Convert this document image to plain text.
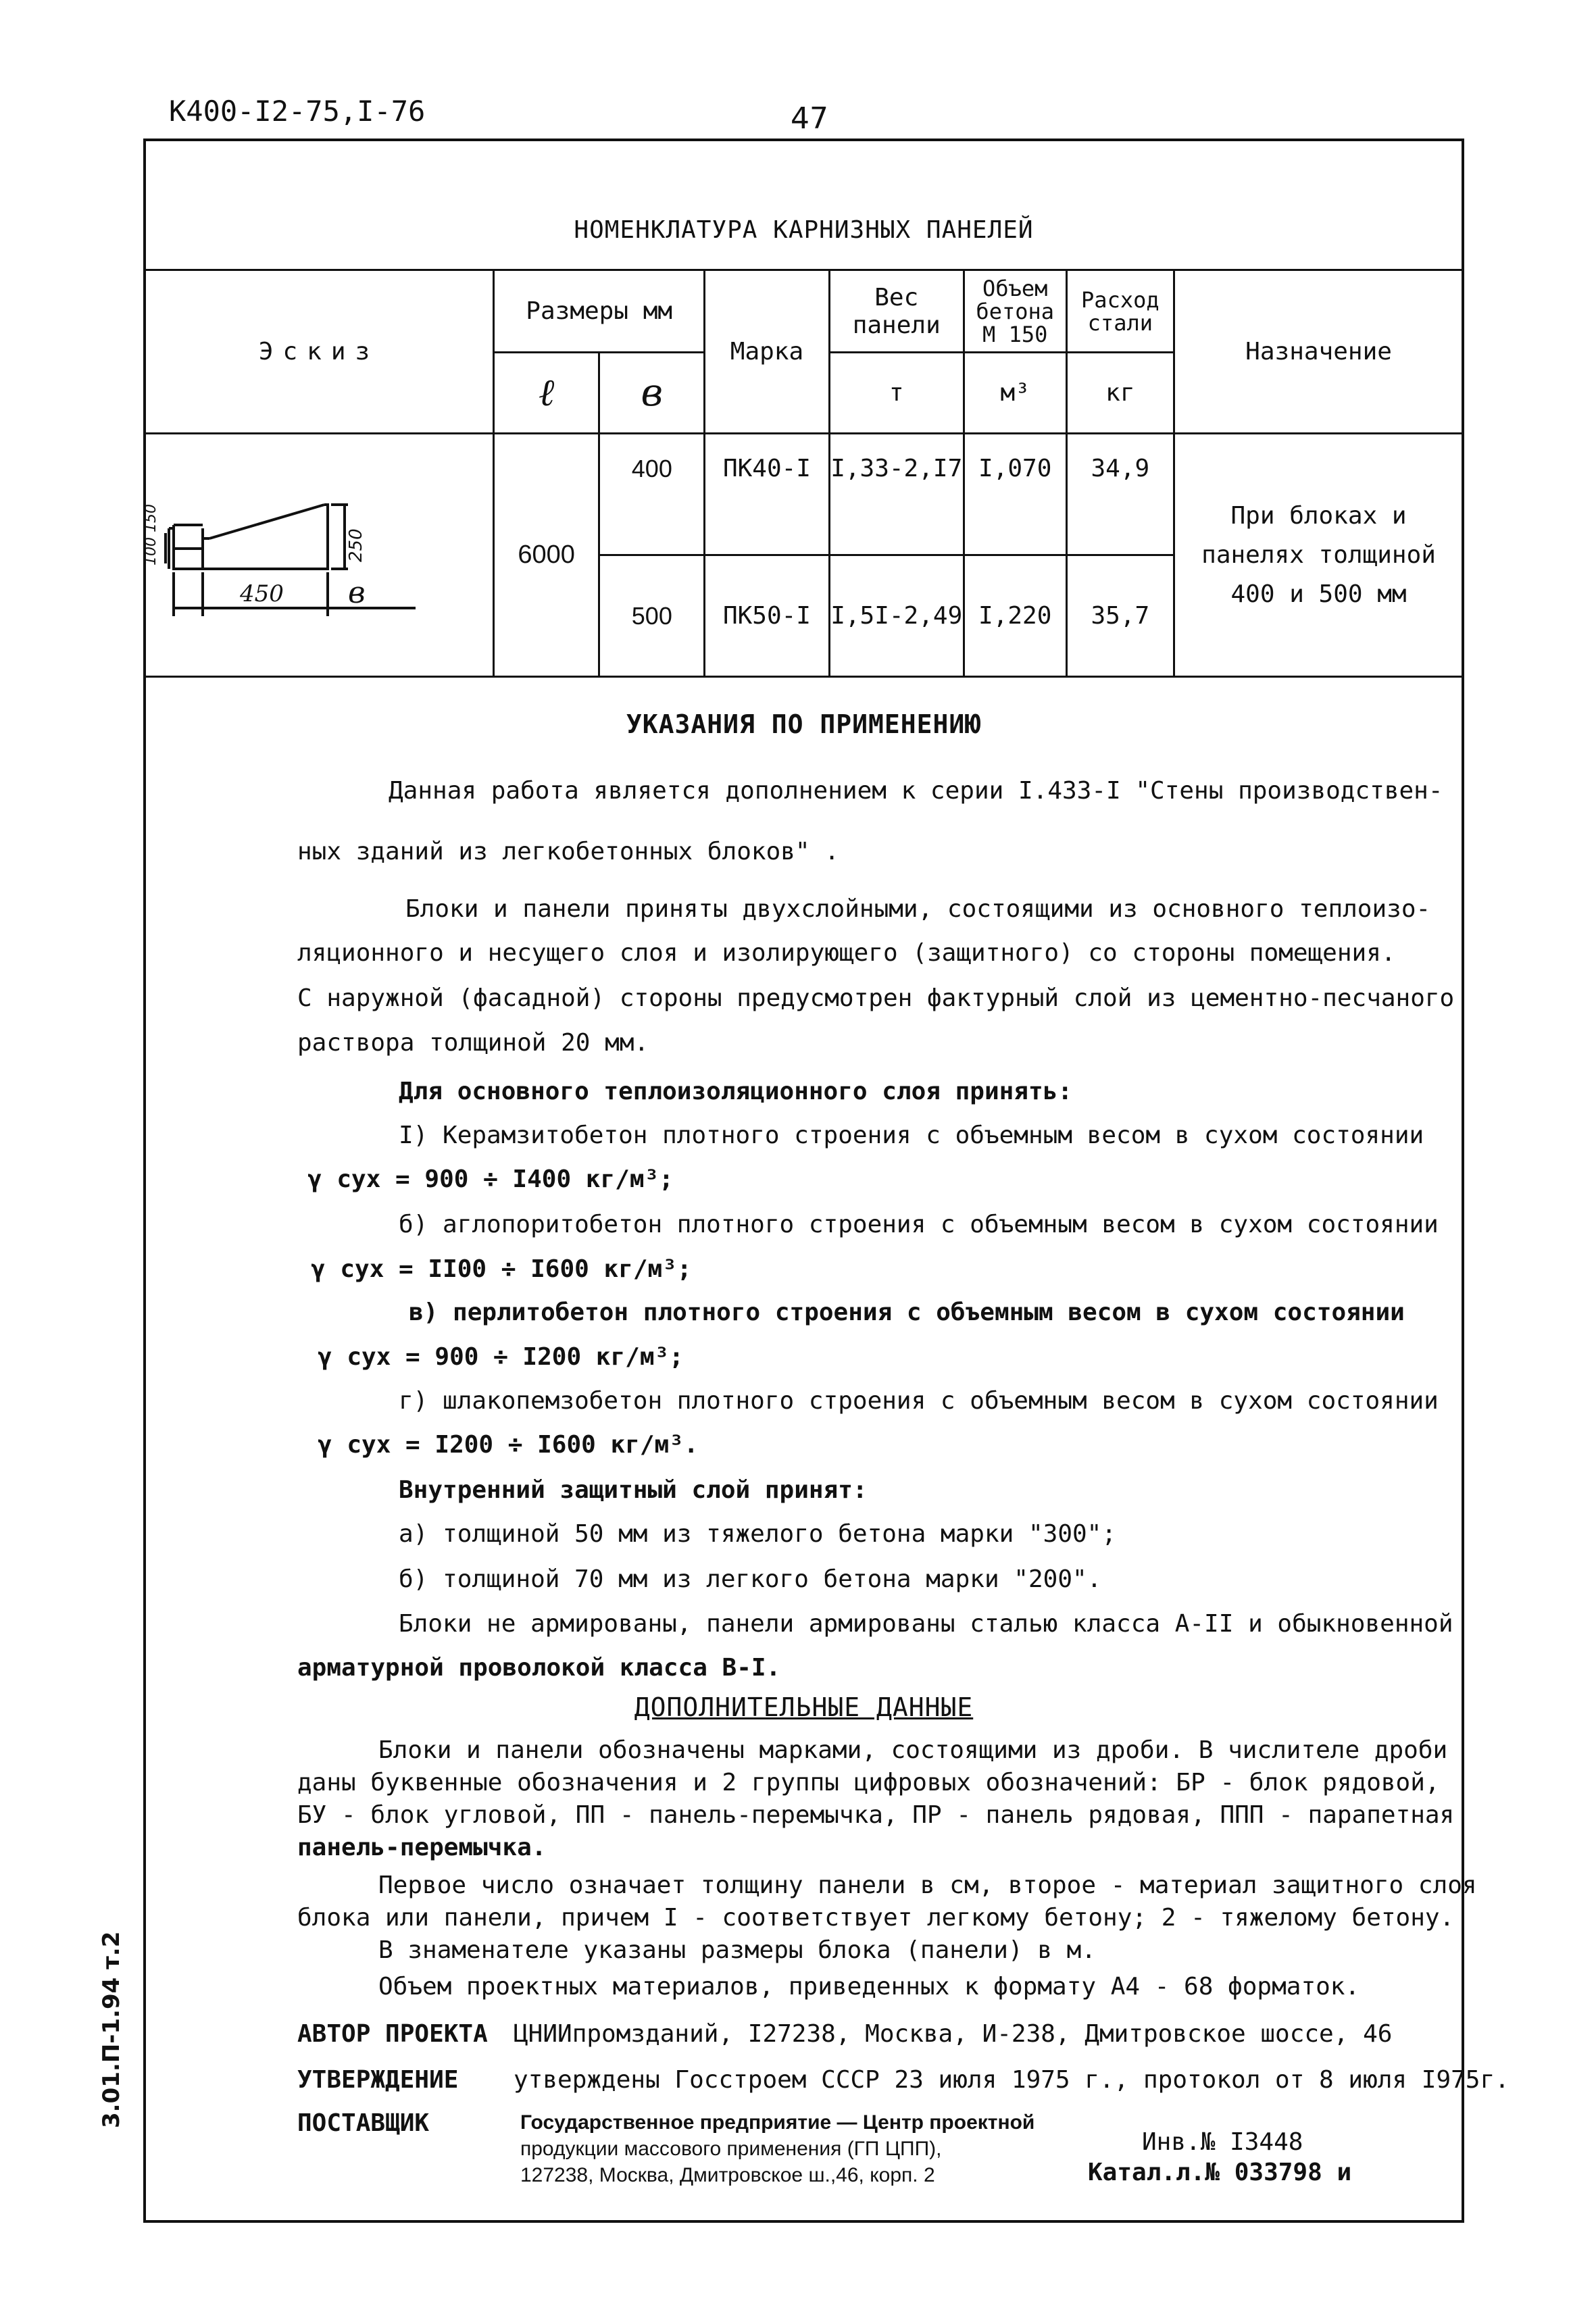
К400-I2-75,I-76	47
3.01.П-1.94 т.2
НОМЕНКЛАТУРА КАРНИЗНЫХ ПАНЕЛЕЙ
Эскиз	Размеры мм		Марка	Вес панели	Объем бетона М 150	Расход стали	Назначение
	ℓ	в		т	м³	кг	

100 150 250
450 в	6000	400	ПК40-I	I,33-2,I7	I,070	34,9	При блоках и панелях толщиной 400 и 500 мм
		500	ПК50-I	I,5I-2,49	I,220	35,7	
УКАЗАНИЯ ПО ПРИМЕНЕНИЮ
Данная работа является дополнением к серии I.433-I "Стены производствен-
ных зданий из легкобетонных блоков" .
Блоки и панели приняты двухслойными, состоящими из основного теплоизо-
ляционного и несущего слоя и изолирующего (защитного) со стороны помещения.
С наружной (фасадной) стороны предусмотрен фактурный слой из цементно-песчаного
раствора толщиной 20 мм.
Для основного теплоизоляционного слоя принять:
I) Керамзитобетон плотного строения с объемным весом в сухом состоянии
γ сух = 900 ÷ I400 кг/м³;
б) аглопоритобетон плотного строения с объемным весом в сухом состоянии
γ сух = II00 ÷ I600 кг/м³;
в) перлитобетон плотного строения с объемным весом в сухом состоянии
γ сух = 900 ÷ I200 кг/м³;
г) шлакопемзобетон плотного строения с объемным весом в сухом состоянии
γ сух = I200 ÷ I600 кг/м³.
Внутренний защитный слой принят:
а) толщиной 50 мм из тяжелого бетона марки "300";
б) толщиной 70 мм из легкого бетона марки "200".
Блоки не армированы, панели армированы сталью класса А-II и обыкновенной
арматурной проволокой класса В-I.
ДОПОЛНИТЕЛЬНЫЕ ДАННЫЕ
Блоки и панели обозначены марками, состоящими из дроби. В числителе дроби
даны буквенные обозначения и 2 группы цифровых обозначений: БР - блок рядовой,
БУ - блок угловой, ПП - панель-перемычка, ПР - панель рядовая, ППП - парапетная
панель-перемычка.
Первое число означает толщину панели в см, второе - материал защитного слоя
блока или панели, причем I - соответствует легкому бетону; 2 - тяжелому бетону.
В знаменателе указаны размеры блока (панели) в м.
Объем проектных материалов, приведенных к формату А4 - 68 форматок.
АВТОР ПРОЕКТА ЦНИИпромзданий, I27238, Москва, И-238, Дмитровское шоссе, 46
УТВЕРЖДЕНИЕ утверждены Госстроем СССР 23 июля 1975 г., протокол от 8 июля I975г.
ПОСТАВЩИК	Государственное предприятие — Центр проектной
продукции массового применения (ГП ЦПП),
127238, Москва, Дмитровское ш.,46, корп. 2
Инв.№ I3448
Катал.л.№ 033798 и
